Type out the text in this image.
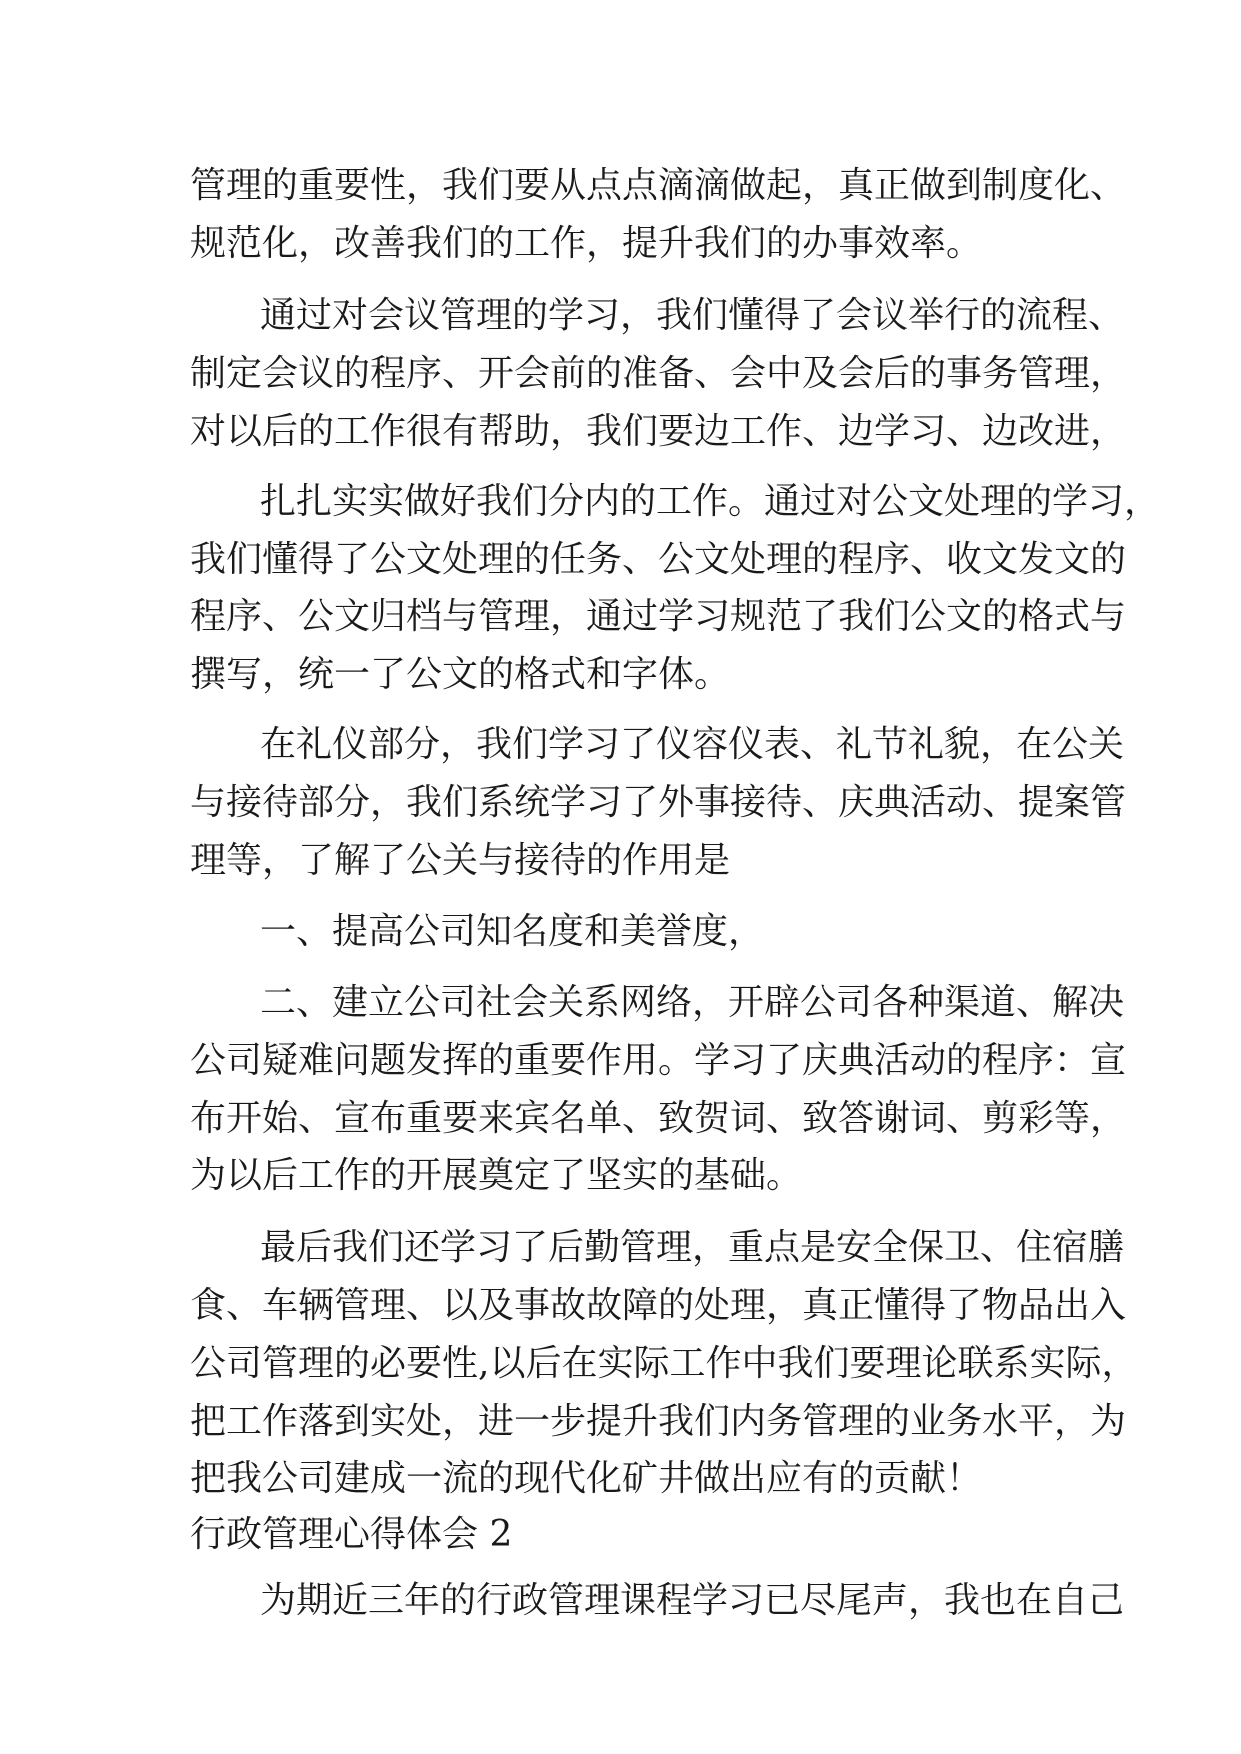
管理的重要性，我们要从点点滴滴做起，真正做到制度化、
规范化，改善我们的工作，提升我们的办事效率。
通过对会议管理的学习，我们懂得了会议举行的流程、
制定会议的程序、开会前的准备、会中及会后的事务管理，
对以后的工作很有帮助，我们要边工作、边学习、边改进，
扎扎实实做好我们分内的工作。通过对公文处理的学习，
我们懂得了公文处理的任务、公文处理的程序、收文发文的
程序、公文归档与管理，通过学习规范了我们公文的格式与
撰写，统一了公文的格式和字体。
在礼仪部分，我们学习了仪容仪表、礼节礼貌，在公关
与接待部分，我们系统学习了外事接待、庆典活动、提案管
理等，了解了公关与接待的作用是
一、提高公司知名度和美誉度，
二、建立公司社会关系网络，开辟公司各种渠道、解决
公司疑难问题发挥的重要作用。学习了庆典活动的程序：宣
布开始、宣布重要来宾名单、致贺词、致答谢词、剪彩等，
为以后工作的开展奠定了坚实的基础。
最后我们还学习了后勤管理，重点是安全保卫、住宿膳
食、车辆管理、以及事故故障的处理，真正懂得了物品出入
公司管理的必要性,以后在实际工作中我们要理论联系实际，
把工作落到实处，进一步提升我们内务管理的业务水平，为
把我公司建成一流的现代化矿井做出应有的贡献！
行政管理心得体会 2
为期近三年的行政管理课程学习已尽尾声，我也在自己
